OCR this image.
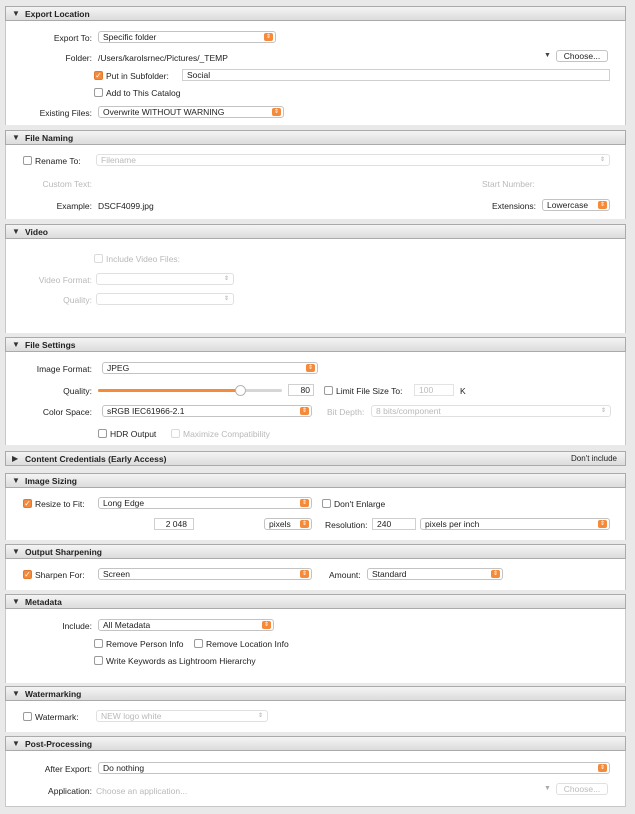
▼ Export Location
Export To:	Specific folder	⇕
Folder: /Users/karolsrnec/Pictures/_TEMP	▼	Choose...
✓ Put in Subfolder:	Social
Add to This Catalog
Existing Files:	Overwrite WITHOUT WARNING	⇕
▼ File Naming
Rename To:	Filename	⇕
Custom Text:	Start Number:
Example: DSCF4099.jpg	Extensions:	Lowercase	⇕
▼ Video
Include Video Files:
Video Format:	⇕
Quality:	⇕
▼ File Settings
Image Format:	JPEG	⇕
Quality:	80	Limit File Size To:	100	K
Color Space:	sRGB IEC61966-2.1	⇕ Bit Depth:	8 bits/component	⇕
HDR Output	Maximize Compatibility
▶ Content Credentials (Early Access)	Don't include
▼ Image Sizing
✓ Resize to Fit:	Long Edge	⇕	Don't Enlarge
2 048	pixels	⇕ Resolution:	240	pixels per inch	⇕
▼ Output Sharpening
✓ Sharpen For:	Screen	⇕	Amount:	Standard	⇕
▼ Metadata
Include:	All Metadata	⇕
Remove Person Info	Remove Location Info
Write Keywords as Lightroom Hierarchy
▼ Watermarking
Watermark:	NEW logo white	⇕
▼ Post-Processing
After Export:	Do nothing	⇕
Application: Choose an application...	▼	Choose...
